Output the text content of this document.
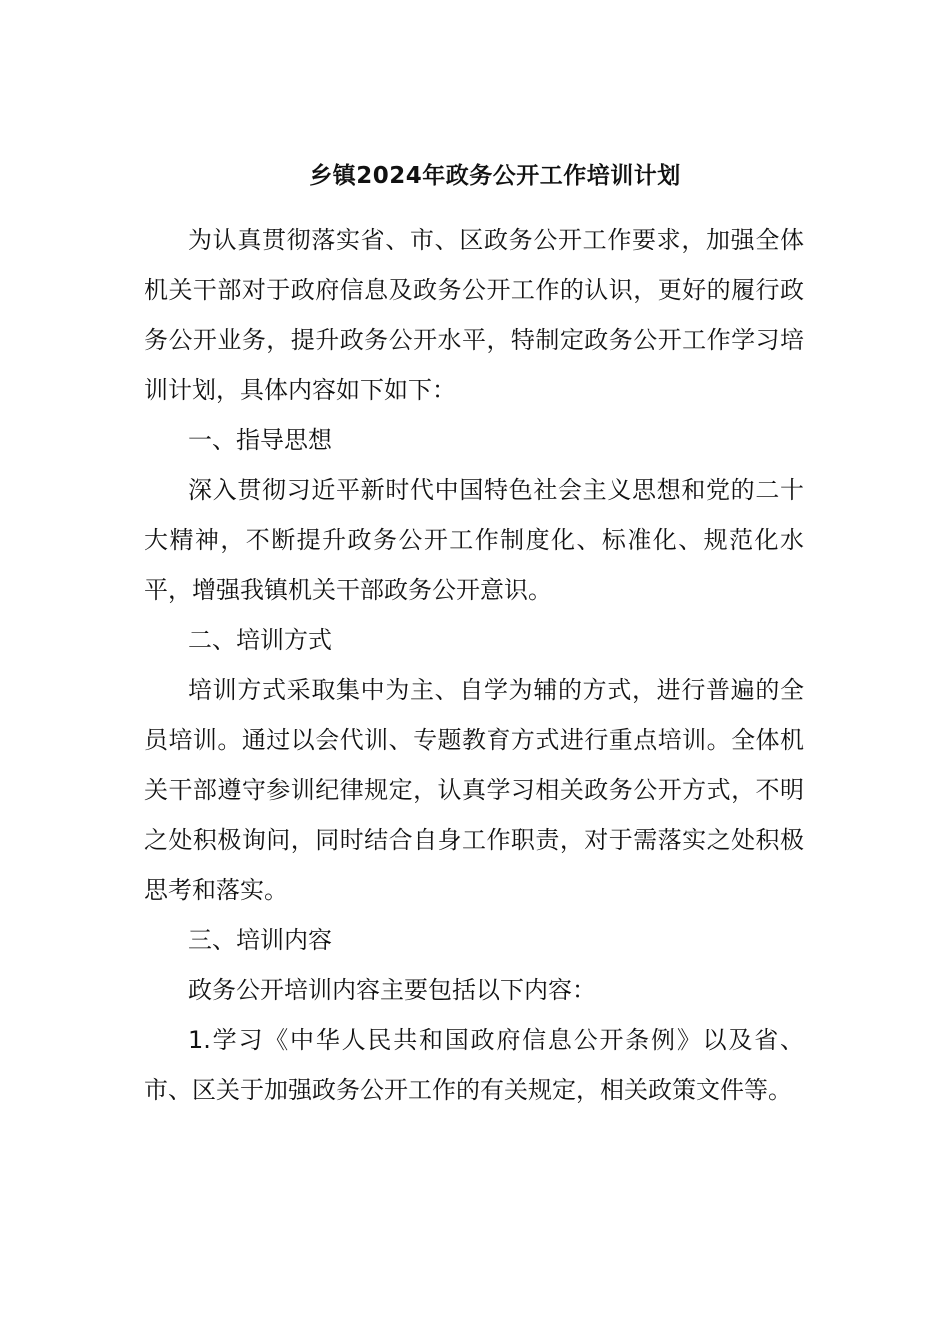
乡镇2024年政务公开工作培训计划

为认真贯彻落实省、市、区政务公开工作要求，加强全体机关干部对于政府信息及政务公开工作的认识，更好的履行政务公开业务，提升政务公开水平，特制定政务公开工作学习培训计划，具体内容如下如下：

一、指导思想

深入贯彻习近平新时代中国特色社会主义思想和党的二十大精神，不断提升政务公开工作制度化、标准化、规范化水平，增强我镇机关干部政务公开意识。

二、培训方式

培训方式采取集中为主、自学为辅的方式，进行普遍的全员培训。通过以会代训、专题教育方式进行重点培训。全体机关干部遵守参训纪律规定，认真学习相关政务公开方式，不明之处积极询问，同时结合自身工作职责，对于需落实之处积极思考和落实。

三、培训内容

政务公开培训内容主要包括以下内容：

1.学习《中华人民共和国政府信息公开条例》以及省、市、区关于加强政务公开工作的有关规定，相关政策文件等。
